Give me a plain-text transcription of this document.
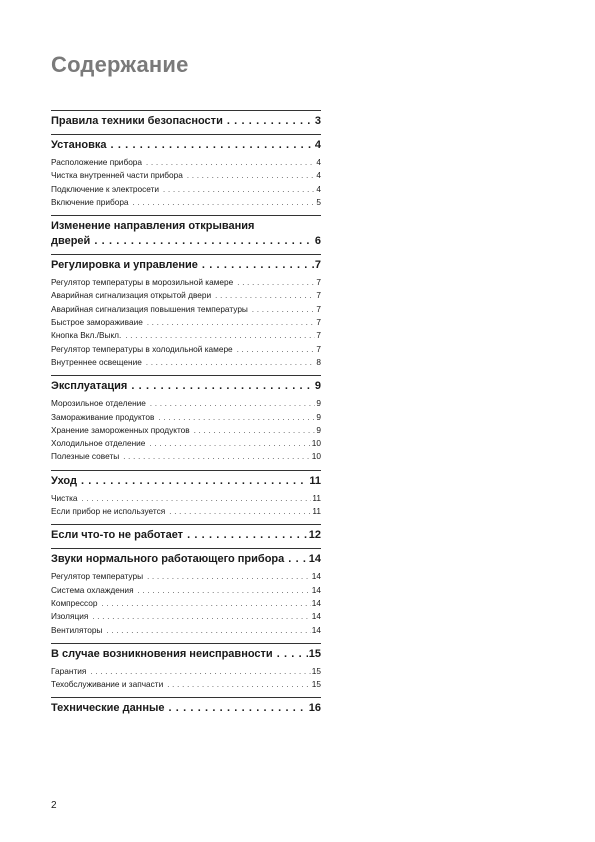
Содержание
Правила техники безопасности . . .	3
Установка . . .	4
Расположение прибора . . .	4
Чистка внутренней части прибора . . .	4
Подключение к электросети . . .	4
Включение прибора . . .	5
Изменение направления открывания
дверей . . .	6
Регулировка и управление . . .	7
Регулятор температуры в морозильной камере . . .	7
Аварийная сигнализация открытой двери . . .	7
Аварийная сигнализация повышения температуры . . .	7
Быстрое замораживаие . . .	7
Кнопка Вкл./Выкл. . . .	7
Регулятор температуры в холодильной камере . . .	7
Внутреннее освещение . . .	8
Эксплуатация . . .	9
Морозильное отделение . . .	9
Замораживание продуктов . . .	9
Хранение замороженных продуктов . . .	9
Холодильное отделение . . .	10
Полезные советы . . .	10
Уход . . .	11
Чистка . . .	11
Если прибор не используется . . .	11
Если что-то не работает . . .	12
Звуки нормального работающего прибора . . . 14
Регулятор температуры . . .	14
Система охлаждения . . .	14
Компрессор . . .	14
Изоляция . . .	14
Вентиляторы . . .	14
В случае возникновения неисправности . . .	15
Гарантия . . .	15
Техобслуживание и запчасти . . .	15
Технические данные . . .	16
2
